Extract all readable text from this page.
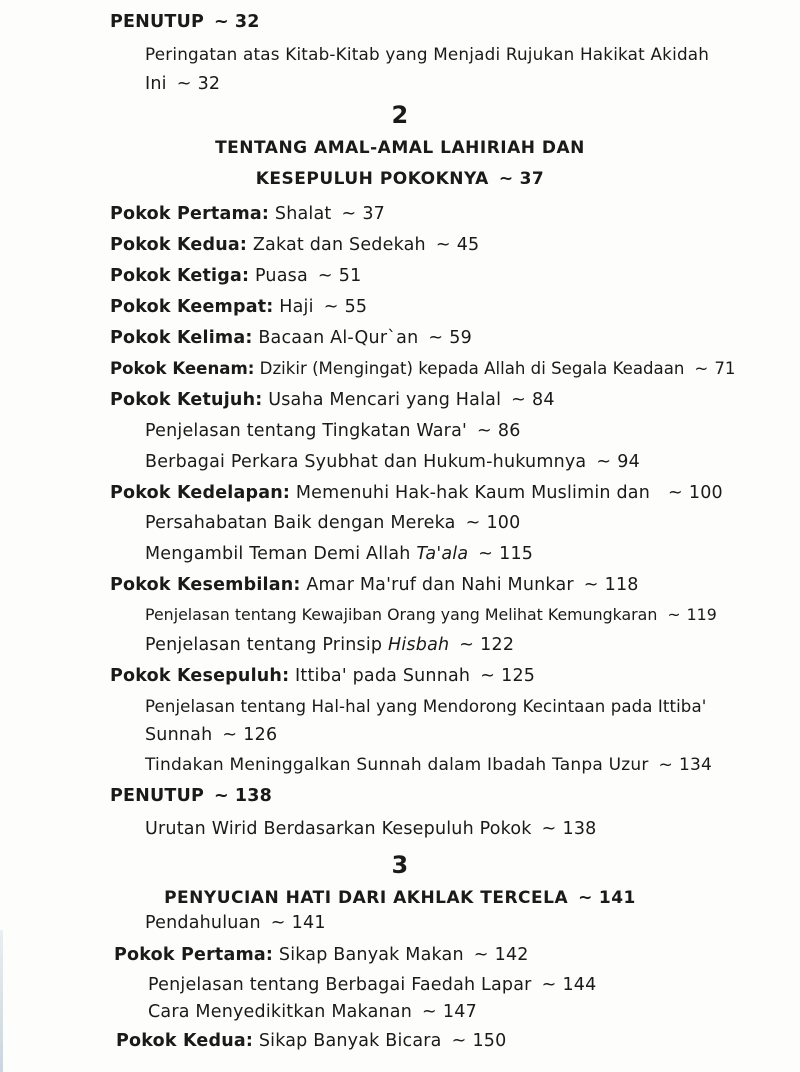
PENUTUP ~ 32
Peringatan atas Kitab-Kitab yang Menjadi Rujukan Hakikat Akidah
Ini ~ 32
2
TENTANG AMAL-AMAL LAHIRIAH DAN
KESEPULUH POKOKNYA ~ 37
Pokok Pertama: Shalat ~ 37
Pokok Kedua: Zakat dan Sedekah ~ 45
Pokok Ketiga: Puasa ~ 51
Pokok Keempat: Haji ~ 55
Pokok Kelima: Bacaan Al-Qur`an ~ 59
Pokok Keenam: Dzikir (Mengingat) kepada Allah di Segala Keadaan ~ 71
Pokok Ketujuh: Usaha Mencari yang Halal ~ 84
Penjelasan tentang Tingkatan Wara' ~ 86
Berbagai Perkara Syubhat dan Hukum-hukumnya ~ 94
Pokok Kedelapan: Memenuhi Hak-hak Kaum Muslimin dan ~ 100
Persahabatan Baik dengan Mereka ~ 100
Mengambil Teman Demi Allah Ta'ala ~ 115
Pokok Kesembilan: Amar Ma'ruf dan Nahi Munkar ~ 118
Penjelasan tentang Kewajiban Orang yang Melihat Kemungkaran ~ 119
Penjelasan tentang Prinsip Hisbah ~ 122
Pokok Kesepuluh: Ittiba' pada Sunnah ~ 125
Penjelasan tentang Hal-hal yang Mendorong Kecintaan pada Ittiba'
Sunnah ~ 126
Tindakan Meninggalkan Sunnah dalam Ibadah Tanpa Uzur ~ 134
PENUTUP ~ 138
Urutan Wirid Berdasarkan Kesepuluh Pokok ~ 138
3
PENYUCIAN HATI DARI AKHLAK TERCELA ~ 141
Pendahuluan ~ 141
Pokok Pertama: Sikap Banyak Makan ~ 142
Penjelasan tentang Berbagai Faedah Lapar ~ 144
Cara Menyedikitkan Makanan ~ 147
Pokok Kedua: Sikap Banyak Bicara ~ 150
